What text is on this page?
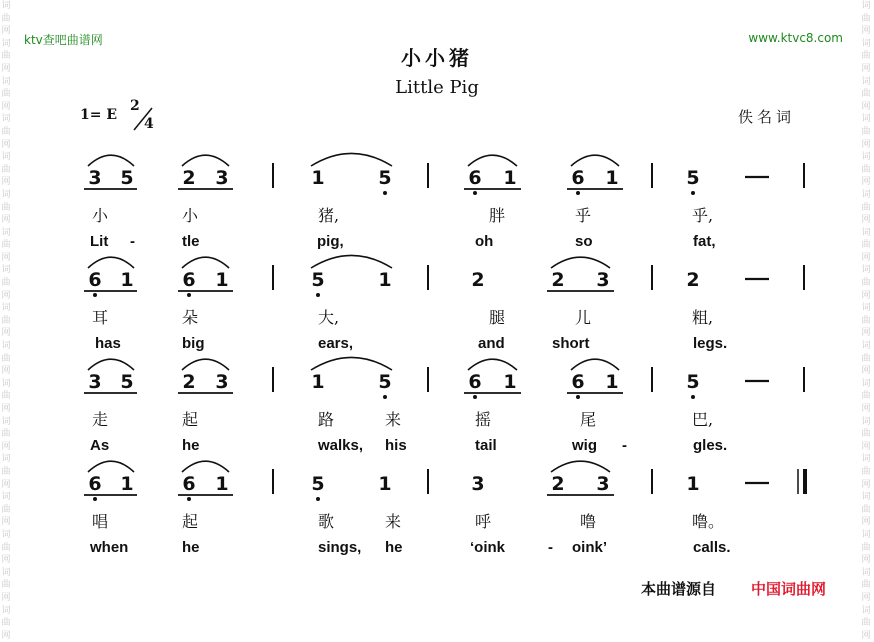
词曲网词曲网词曲网词曲网词曲网词曲网词曲网词曲网词曲网词曲网词曲网词曲网词曲网词曲网词曲网词曲网词曲网
词曲网词曲网词曲网词曲网词曲网词曲网词曲网词曲网词曲网词曲网词曲网词曲网词曲网词曲网词曲网词曲网词曲网
ktv查吧曲谱网	www.ktvc8.com
小小猪
Little Pig
1= E
2
4	佚名词
3 5	2 3	1	5	6 1	6 1	5
小	小	猪,	胖	乎	乎,
Lit -	tle	pig,	oh	so	fat,
6 1	6 1	5	1	2	2 3	2
耳	朵	大,	腿	儿	粗,
has	big	ears,	and	short	legs.
3 5	2 3	1	5	6 1	6 1	5
走	起	路	来	摇	尾	巴,
As	he	walks, his	tail	wig -	gles.
6 1	6 1	5	1	3	2 3	1
唱	起	歌	来	呼	噜	噜。
when	he	sings, he	‘oink	- oink’	calls.
本曲谱源自 中国词曲网
